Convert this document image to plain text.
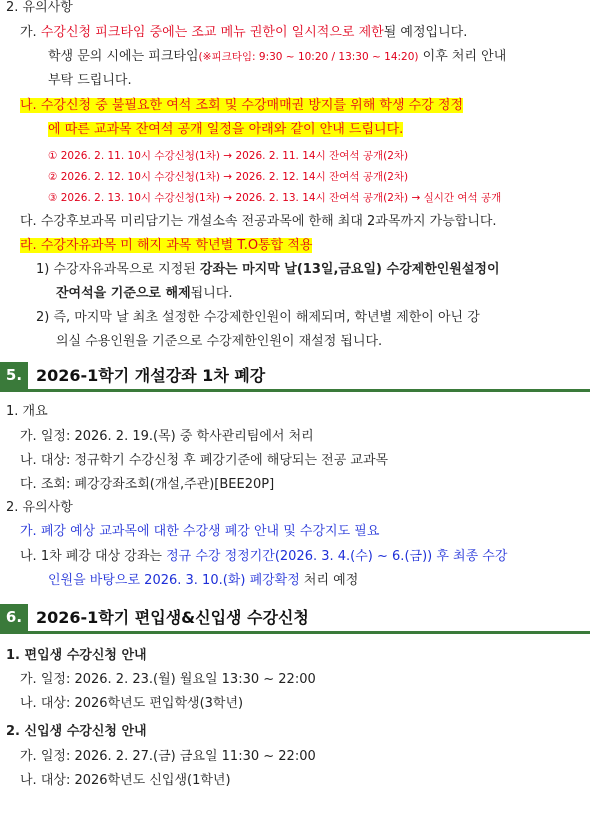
2. 유의사항
가. 수강신청 피크타임 중에는 조교 메뉴 권한이 일시적으로 제한될 예정입니다.
학생 문의 시에는 피크타임(※피크타임: 9:30 ~ 10:20 / 13:30 ~ 14:20) 이후 처리 안내
부탁 드립니다.
나. 수강신청 중 불필요한 여석 조회 및 수강매매권 방지를 위해 학생 수강 정정
에 따른 교과목 잔여석 공개 일정을 아래와 같이 안내 드립니다.
① 2026. 2. 11. 10시 수강신청(1차) → 2026. 2. 11. 14시 잔여석 공개(2차)
② 2026. 2. 12. 10시 수강신청(1차) → 2026. 2. 12. 14시 잔여석 공개(2차)
③ 2026. 2. 13. 10시 수강신청(1차) → 2026. 2. 13. 14시 잔여석 공개(2차) → 실시간 여석 공개
다. 수강후보과목 미리담기는 개설소속 전공과목에 한해 최대 2과목까지 가능합니다.
라. 수강자유과목 미 해지 과목 학년별 T.O통합 적용
1) 수강자유과목으로 지정된 강좌는 마지막 날(13일,금요일) 수강제한인원설정이
잔여석을 기준으로 해제됩니다.
2) 즉, 마지막 날 최초 설정한 수강제한인원이 해제되며, 학년별 제한이 아닌 강
의실 수용인원을 기준으로 수강제한인원이 재설정 됩니다.
5. 2026-1학기 개설강좌 1차 폐강
1. 개요
가. 일정: 2026. 2. 19.(목) 중 학사관리팀에서 처리
나. 대상: 정규학기 수강신청 후 폐강기준에 해당되는 전공 교과목
다. 조회: 폐강강좌조회(개설,주관)[BEE20P]
2. 유의사항
가. 폐강 예상 교과목에 대한 수강생 폐강 안내 및 수강지도 필요
나. 1차 폐강 대상 강좌는 정규 수강 정정기간(2026. 3. 4.(수) ~ 6.(금)) 후 최종 수강
인원을 바탕으로 2026. 3. 10.(화) 폐강확정 처리 예정
6. 2026-1학기 편입생&신입생 수강신청
1. 편입생 수강신청 안내
가. 일정: 2026. 2. 23.(월) 월요일 13:30 ~ 22:00
나. 대상: 2026학년도 편입학생(3학년)
2. 신입생 수강신청 안내
가. 일정: 2026. 2. 27.(금) 금요일 11:30 ~ 22:00
나. 대상: 2026학년도 신입생(1학년)
